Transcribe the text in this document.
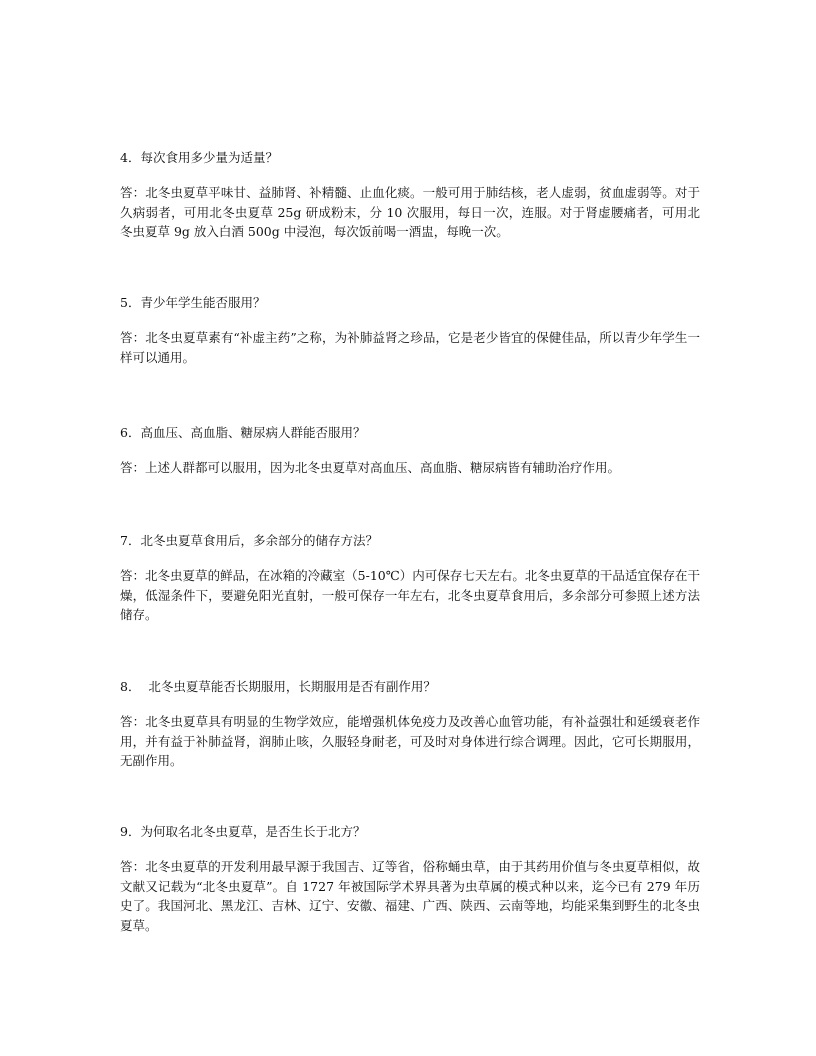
4．每次食用多少量为适量？

答：北冬虫夏草平味甘、益肺肾、补精髓、止血化痰。一般可用于肺结核，老人虚弱，贫血虚弱等。对于久病弱者，可用北冬虫夏草 25g 研成粉末，分 10 次服用，每日一次，连服。对于肾虚腰痛者，可用北冬虫夏草 9g 放入白酒 500g 中浸泡，每次饭前喝一酒盅，每晚一次。

5．青少年学生能否服用？

答：北冬虫夏草素有“补虚主药”之称，为补肺益肾之珍品，它是老少皆宜的保健佳品，所以青少年学生一样可以通用。

6．高血压、高血脂、糖尿病人群能否服用？

答：上述人群都可以服用，因为北冬虫夏草对高血压、高血脂、糖尿病皆有辅助治疗作用。

7．北冬虫夏草食用后，多余部分的储存方法？

答：北冬虫夏草的鲜品，在冰箱的冷藏室（5-10℃）内可保存七天左右。北冬虫夏草的干品适宜保存在干燥，低湿条件下，要避免阳光直射，一般可保存一年左右，北冬虫夏草食用后，多余部分可参照上述方法储存。

8．  北冬虫夏草能否长期服用，长期服用是否有副作用？

答：北冬虫夏草具有明显的生物学效应，能增强机体免疫力及改善心血管功能，有补益强壮和延缓衰老作用，并有益于补肺益肾，润肺止咳，久服轻身耐老，可及时对身体进行综合调理。因此，它可长期服用，无副作用。

9．为何取名北冬虫夏草，是否生长于北方？

答：北冬虫夏草的开发利用最早源于我国吉、辽等省，俗称蛹虫草，由于其药用价值与冬虫夏草相似，故文献又记载为“北冬虫夏草”。自 1727 年被国际学术界具著为虫草属的模式种以来，迄今已有 279 年历史了。我国河北、黑龙江、吉林、辽宁、安徽、福建、广西、陕西、云南等地，均能采集到野生的北冬虫夏草。
